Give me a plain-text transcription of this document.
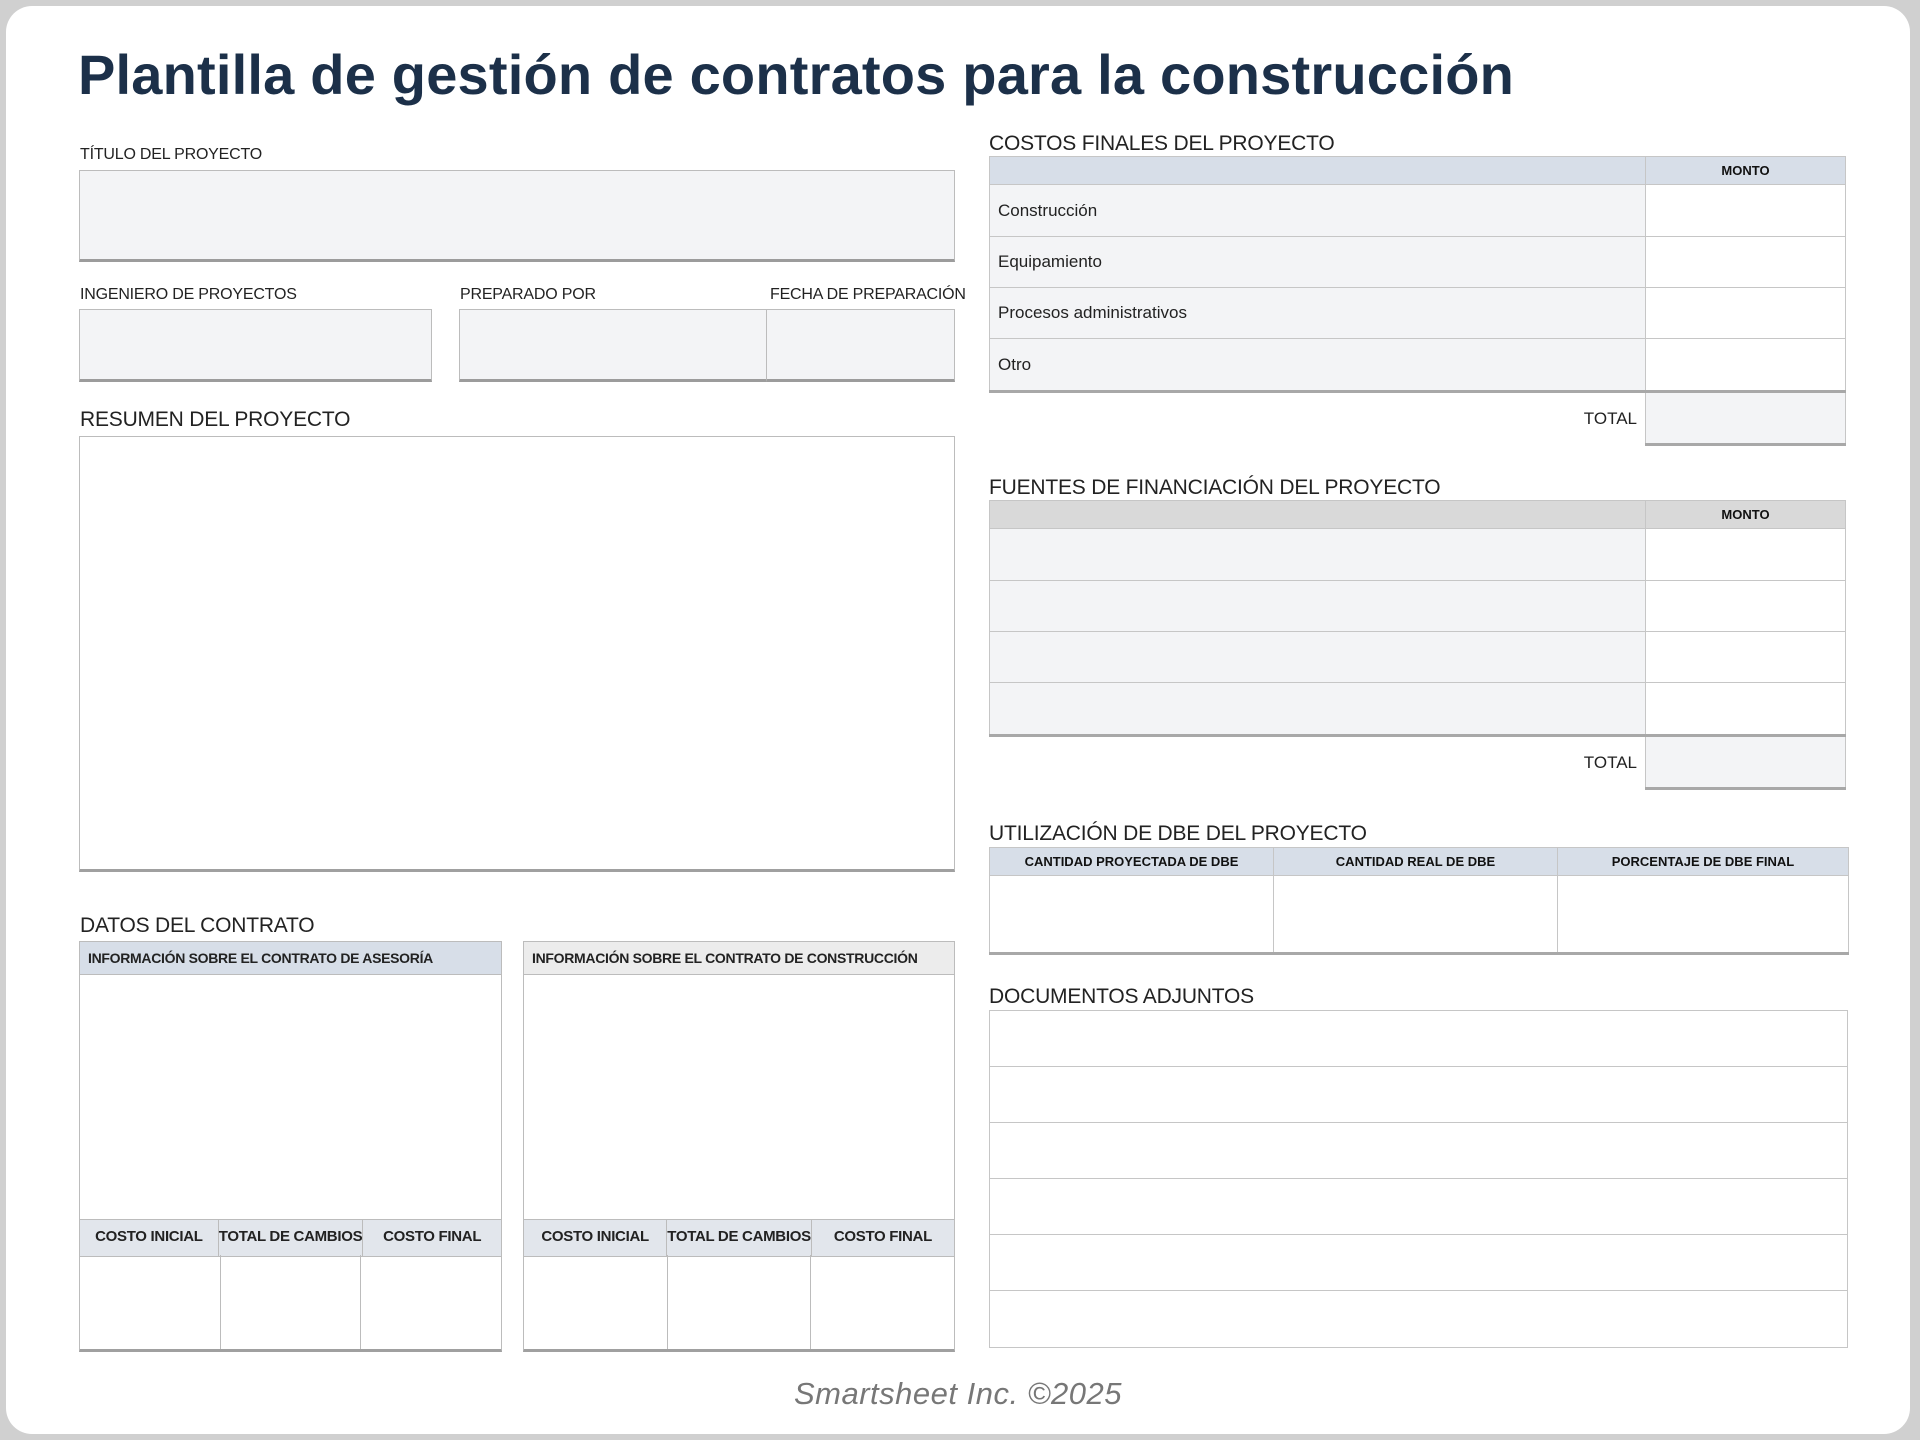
Plantilla de gestión de contratos para la construcción
TÍTULO DEL PROYECTO
INGENIERO DE PROYECTOS	PREPARADO POR	FECHA DE PREPARACIÓN
RESUMEN DEL PROYECTO
DATOS DEL CONTRATO
INFORMACIÓN SOBRE EL CONTRATO DE ASESORÍA
COSTO INICIAL	TOTAL DE CAMBIOS	COSTO FINAL
INFORMACIÓN SOBRE EL CONTRATO DE CONSTRUCCIÓN
COSTO INICIAL	TOTAL DE CAMBIOS	COSTO FINAL
COSTOS FINALES DEL PROYECTO
	MONTO
Construcción	
Equipamiento	
Procesos administrativos	
Otro	
TOTAL	
FUENTES DE FINANCIACIÓN DEL PROYECTO
	MONTO

TOTAL	
UTILIZACIÓN DE DBE DEL PROYECTO
CANTIDAD PROYECTADA DE DBE	CANTIDAD REAL DE DBE	PORCENTAJE DE DBE FINAL

DOCUMENTOS ADJUNTOS
Smartsheet Inc. ©2025
